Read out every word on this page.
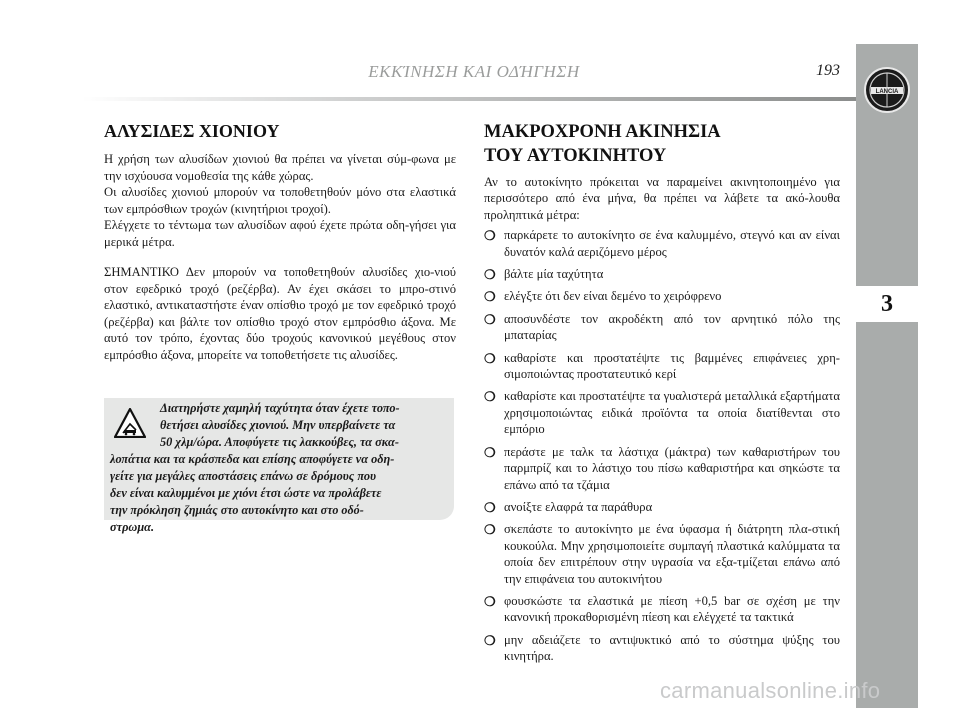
LANCIA
3
ΕΚΚΊΝΗΣΗ ΚΑΙ ΟΔΉΓΗΣΗ	193
ΑΛΥΣΙΔΕΣ ΧΙΟΝΙΟΥ

Η χρήση των αλυσίδων χιονιού θα πρέπει να γίνεται σύμ-φωνα με την ισχύουσα νομοθεσία της κάθε χώρας.

Οι αλυσίδες χιονιού μπορούν να τοποθετηθούν μόνο στα ελαστικά των εμπρόσθιων τροχών (κινητήριοι τροχοί).

Ελέγχετε το τέντωμα των αλυσίδων αφού έχετε πρώτα οδη-γήσει για μερικά μέτρα.

ΣΗΜΑΝΤΙΚΟ Δεν μπορούν να τοποθετηθούν αλυσίδες χιο-νιού στον εφεδρικό τροχό (ρεζέρβα). Αν έχει σκάσει το μπρο-στινό ελαστικό, αντικαταστήστε έναν οπίσθιο τροχό με τον εφεδρικό τροχό (ρεζέρβα) και βάλτε τον οπίσθιο τροχό στον εμπρόσθιο άξονα. Με αυτό τον τρόπο, έχοντας δύο τροχούς κανονικού μεγέθους στον εμπρόσθιο άξονα, μπορείτε να τοποθετήσετε τις αλυσίδες.

Διατηρήστε χαμηλή ταχύτητα όταν έχετε τοπο-
θετήσει αλυσίδες χιονιού. Μην υπερβαίνετε τα
50 χλμ/ώρα. Αποφύγετε τις λακκούβες, τα σκα-
λοπάτια και τα κράσπεδα και επίσης αποφύγετε να οδη-
γείτε για μεγάλες αποστάσεις επάνω σε δρόμους που
δεν είναι καλυμμένοι με χιόνι έτσι ώστε να προλάβετε
την πρόκληση ζημιάς στο αυτοκίνητο και στο οδό-
στρωμα.
ΜΑΚΡΟΧΡΟΝΗ ΑΚΙΝΗΣΙΑ
ΤΟΥ ΑΥΤΟΚΙΝΗΤΟΥ

Αν το αυτοκίνητο πρόκειται να παραμείνει ακινητοποιημένο για περισσότερο από ένα μήνα, θα πρέπει να λάβετε τα ακό-λουθα προληπτικά μέτρα:

❍ παρκάρετε το αυτοκίνητο σε ένα καλυμμένο, στεγνό και αν είναι δυνατόν καλά αεριζόμενο μέρος
❍ βάλτε μία ταχύτητα
❍ ελέγξτε ότι δεν είναι δεμένο το χειρόφρενο
❍ αποσυνδέστε τον ακροδέκτη από τον αρνητικό πόλο της μπαταρίας
❍ καθαρίστε και προστατέψτε τις βαμμένες επιφάνειες χρη-σιμοποιώντας προστατευτικό κερί
❍ καθαρίστε και προστατέψτε τα γυαλιστερά μεταλλικά εξαρτήματα χρησιμοποιώντας ειδικά προϊόντα τα οποία διατίθενται στο εμπόριο
❍ περάστε με ταλκ τα λάστιχα (μάκτρα) των καθαριστήρων του παρμπρίζ και το λάστιχο του πίσω καθαριστήρα και σηκώστε τα επάνω από τα τζάμια
❍ ανοίξτε ελαφρά τα παράθυρα
❍ σκεπάστε το αυτοκίνητο με ένα ύφασμα ή διάτρητη πλα-στική κουκούλα. Μην χρησιμοποιείτε συμπαγή πλαστικά καλύμματα τα οποία δεν επιτρέπουν στην υγρασία να εξα-τμίζεται επάνω από την επιφάνεια του αυτοκινήτου
❍ φουσκώστε τα ελαστικά με πίεση +0,5 bar σε σχέση με την κανονική προκαθορισμένη πίεση και ελέγχετέ τα τακτικά
❍ μην αδειάζετε το αντιψυκτικό από το σύστημα ψύξης του κινητήρα.
carmanualsonline.info
